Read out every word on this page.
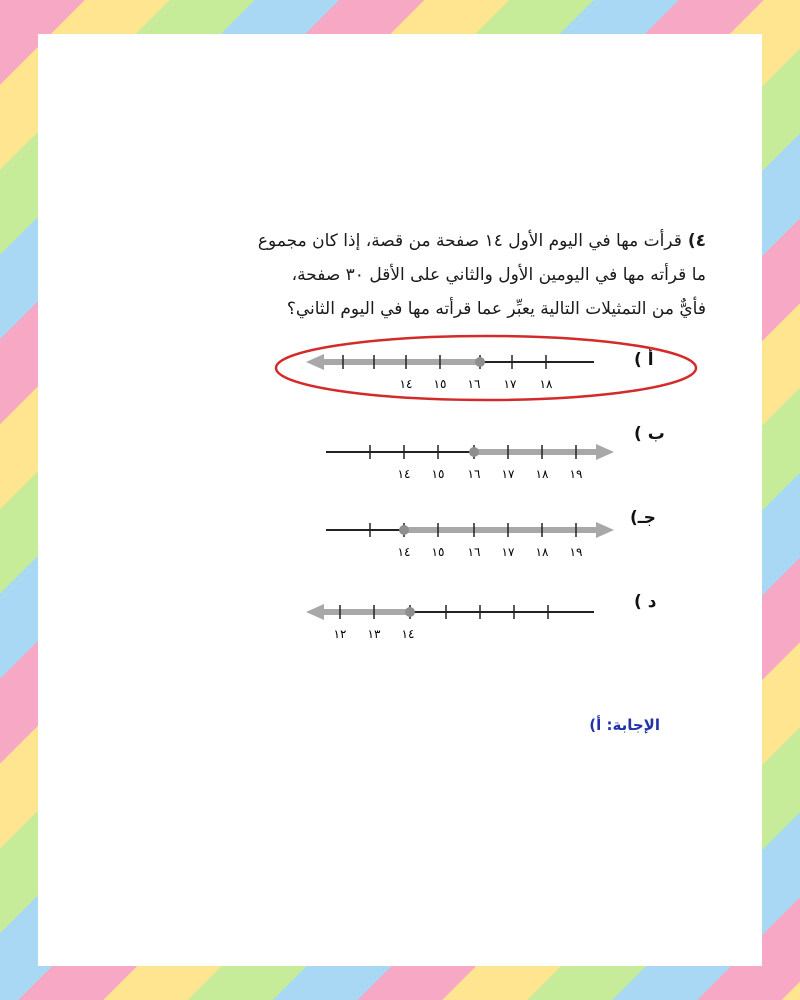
٤)قرأت مها في اليوم الأول ١٤ صفحة من قصة، إذا كان مجموع
ما قرأته مها في اليومين الأول والثاني على الأقل ٣٠ صفحة،
فأيٌّ من التمثيلات التالية يعبِّر عما قرأته مها في اليوم الثاني؟
أ )
ب )
جـ)
د )
١٤ ١٥ ١٦ ١٧ ١٨
١٤ ١٥ ١٦ ١٧ ١٨ ١٩
١٤ ١٥ ١٦ ١٧ ١٨ ١٩
١٢ ١٣ ١٤
الإجابة: أ)
